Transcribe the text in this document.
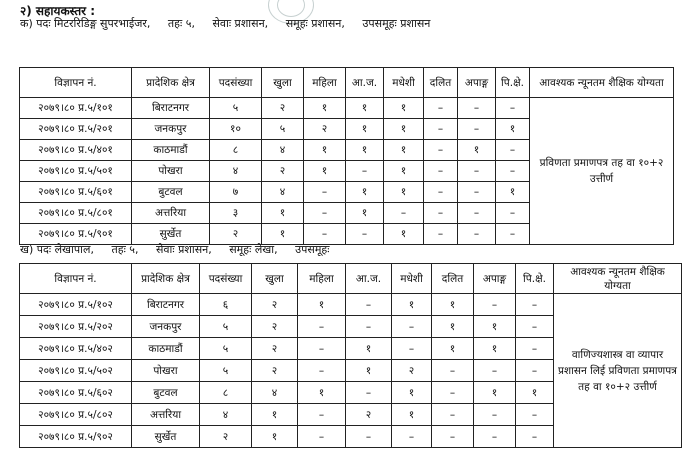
२) सहायकस्तर :
क) पदः मिटररिडिङ्ग सुपरभाईजर, तहः ५, सेवाः प्रशासन, समूहः प्रशासन, उपसमूहः प्रशासन
विज्ञापन नं.	प्रादेशिक क्षेत्र	पदसंख्या	खुला	महिला	आ.ज.	मधेशी	दलित	अपाङ्ग	पि.क्षे.	आवश्यक न्यूनतम शैक्षिक योग्यता
२०७९।८० प्र.५/१०१	बिराटनगर	५	२	१	१	१	–	–	–	प्रविणता प्रमाणपत्र तह वा १०+२ उत्तीर्ण
२०७९।८० प्र.५/२०१	जनकपुर	१०	५	२	१	१	–	–	१	
२०७९।८० प्र.५/४०१	काठमाडौं	८	४	१	१	१	–	१	–	
२०७९।८० प्र.५/५०१	पोखरा	४	२	१	–	१	–	–	–	
२०७९।८० प्र.५/६०१	बुटवल	७	४	–	१	१	–	–	१	
२०७९।८० प्र.५/८०१	अत्तरिया	३	१	–	१	–	–	–	–	
२०७९।८० प्र.५/९०१	सुर्खेत	२	१	–	–	१	–	–	–	
ख) पदः लेखापाल, तहः ५, सेवाः प्रशासन, समूहः लेखा, उपसमूहः
विज्ञापन नं.	प्रादेशिक क्षेत्र	पदसंख्या	खुला	महिला	आ.ज.	मधेशी	दलित	अपाङ्ग	पि.क्षे.	आवश्यक न्यूनतम शैक्षिक योग्यता
२०७९।८० प्र.५/१०२	बिराटनगर	६	२	१	–	१	१	–	–	वाणिज्यशास्त्र वा व्यापार प्रशासन लिई प्रविणता प्रमाणपत्र तह वा १०+२ उत्तीर्ण
२०७९।८० प्र.५/२०२	जनकपुर	५	२	–	–	–	१	१	–	
२०७९।८० प्र.५/४०२	काठमाडौं	५	२	–	१	–	१	१	–	
२०७९।८० प्र.५/५०२	पोखरा	५	२	–	१	२	–	–	–	
२०७९।८० प्र.५/६०२	बुटवल	८	४	१	–	१	–	१	१	
२०७९।८० प्र.५/८०२	अत्तरिया	४	१	–	२	१	–	–	–	
२०७९।८० प्र.५/९०२	सुर्खेत	२	१	–	–	–	–	–	–	
